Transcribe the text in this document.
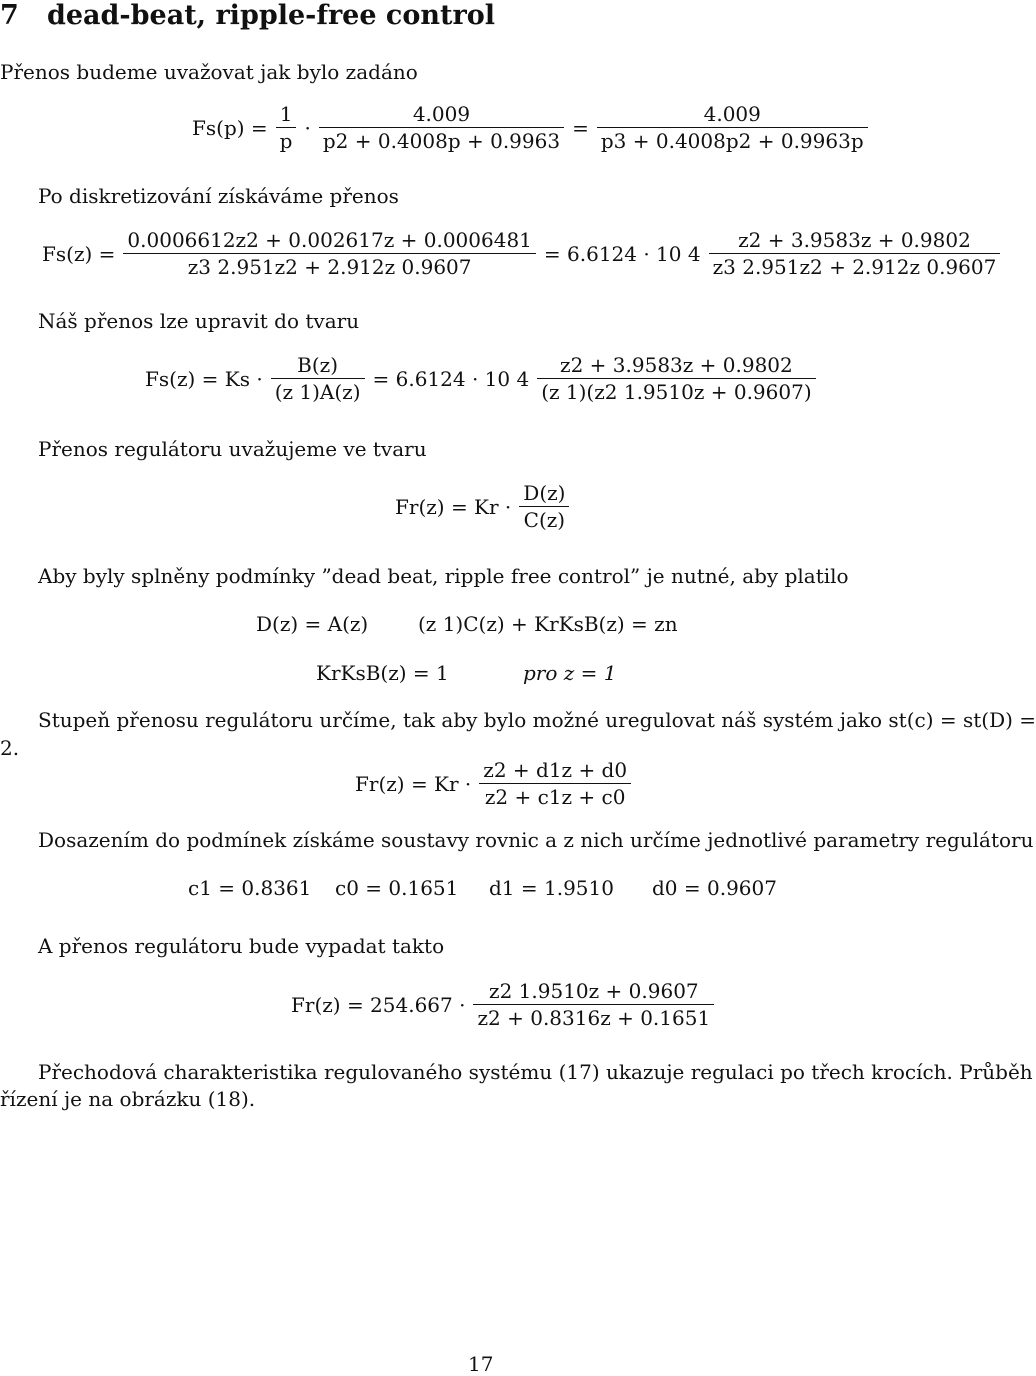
7 dead-beat, ripple-free control
Přenos budeme uvažovat jak bylo zadáno
$Fs(p) = \frac{1}{p} \cdot \frac{4.009}{p2 + 0.4008p + 0.9963} = \frac{4.009}{p3 + 0.4008p2 + 0.9963p}$
Po diskretizování získáváme přenos
$Fs(z) = \frac{0.0006612z2 + 0.002617z + 0.0006481}{z3 2.951z2 + 2.912z 0.9607} = 6.6124 \cdot 10$ $4 \frac{z2 + 3.9583z + 0.9802}{z3 2.951z2 + 2.912z 0.9607}$
Náš přenos lze upravit do tvaru
$Fs(z) = Ks \cdot \frac{B(z)}{(z 1)A(z)} = 6.6124 \cdot 10$ $4 \frac{z2 + 3.9583z + 0.9802}{(z 1)(z2 1.9510z + 0.9607)}$
Přenos regulátoru uvažujeme ve tvaru
$Fr(z) = Kr \cdot \frac{D(z)}{C(z)}$
Aby byly splněny podmínky ”dead beat, ripple free control” je nutné, aby platilo
D(z) = A(z) (z 1)C(z) + KrKsB(z) = zn
KrKsB(z) = 1	pro z = 1
Stupeň přenosu regulátoru určíme, tak aby bylo možné uregulovat náš systém jako st(c) = st(D) =
2.
$Fr(z) = Kr \cdot \frac{z2 + d1z + d0}{z2 + c1z + c0}$
Dosazením do podmínek získáme soustavy rovnic a z nich určíme jednotlivé parametry regulátoru
c1 = 0.8361 c0 = 0.1651 d1 = 1.9510 d0 = 0.9607
A přenos regulátoru bude vypadat takto
$Fr(z) = 254.667 \cdot \frac{z2 1.9510z + 0.9607}{z2 + 0.8316z + 0.1651}$
Přechodová charakteristika regulovaného systému (17) ukazuje regulaci po třech krocích. Průběh
řízení je na obrázku (18).
17
